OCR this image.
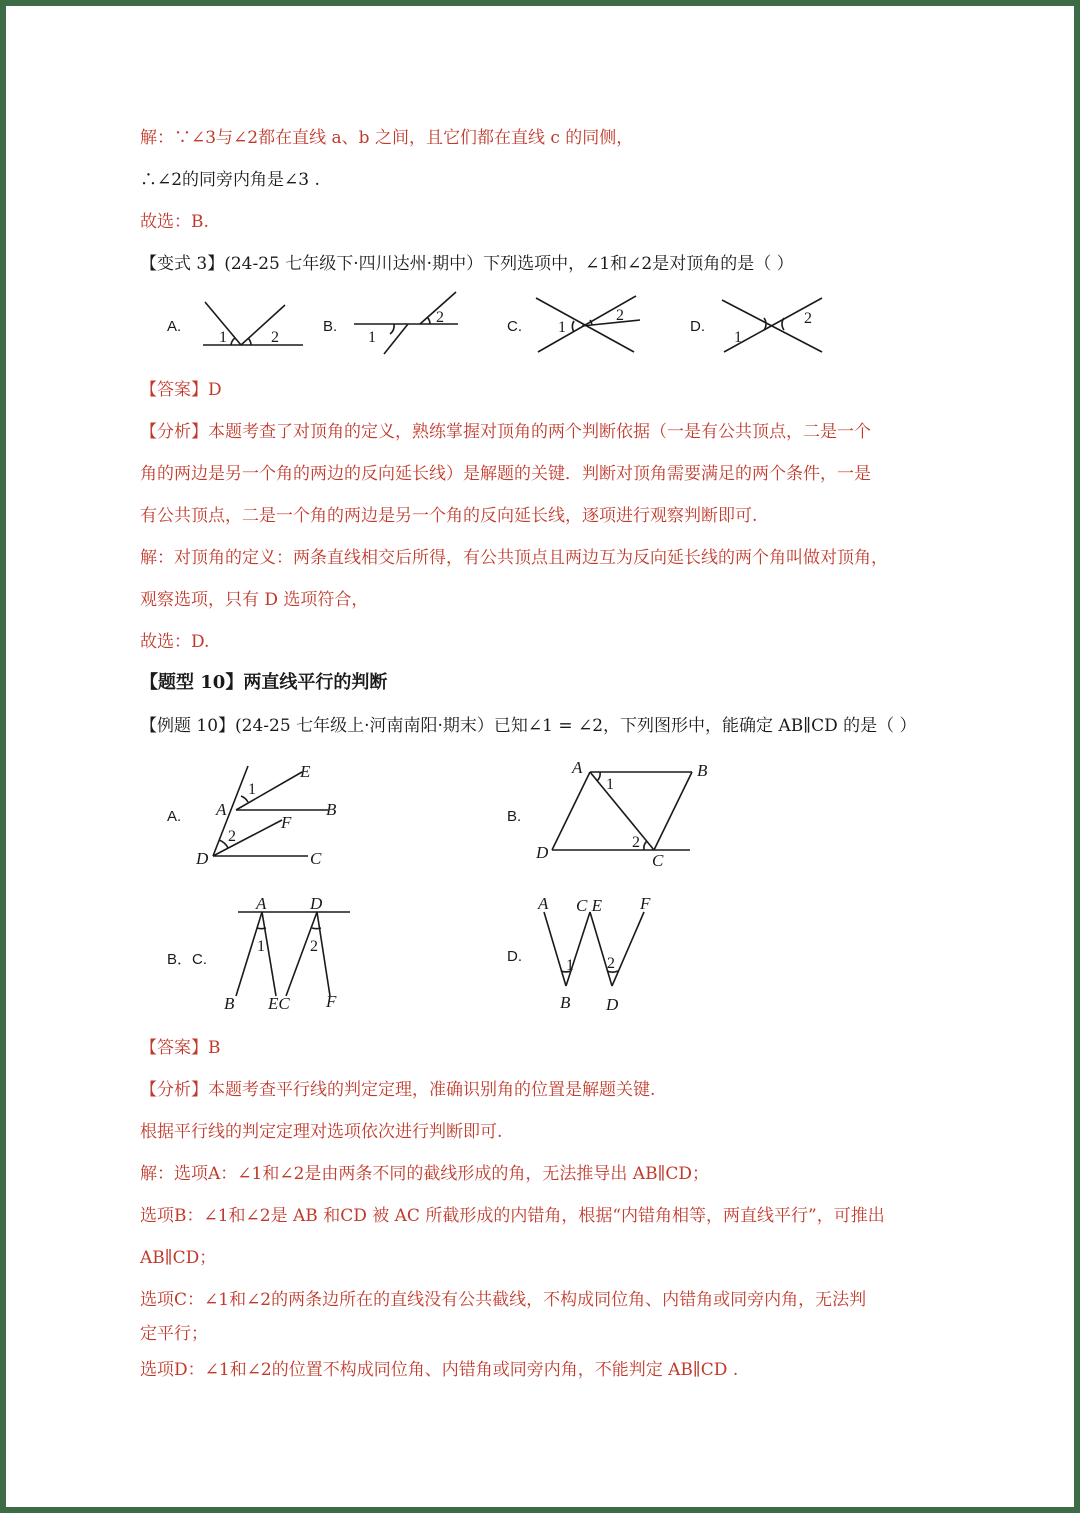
解：∵∠3与∠2都在直线 a、b 之间，且它们都在直线 c 的同侧，
∴∠2的同旁内角是∠3 .
故选：B.
【变式 3】(24-25 七年级下·四川达州·期中）下列选项中，∠1和∠2是对顶角的是（ ）
A.
1	2
B.
1
2
C. 1
2
D.
1
2
【答案】D
【分析】本题考查了对顶角的定义，熟练掌握对顶角的两个判断依据（一是有公共顶点，二是一个
角的两边是另一个角的两边的反向延长线）是解题的关键．判断对顶角需要满足的两个条件，一是
有公共顶点，二是一个角的两边是另一个角的反向延长线，逐项进行观察判断即可.
解：对顶角的定义：两条直线相交后所得，有公共顶点且两边互为反向延长线的两个角叫做对顶角，
观察选项，只有 D 选项符合，
故选：D.
【题型 10】两直线平行的判断
【例题 10】(24-25 七年级上·河南南阳·期末）已知∠1 = ∠2，下列图形中，能确定 AB∥CD 的是（ ）
A.
1
2
E
A	B
F
D	C
B.
1
2
A	B
D	C
B．C.
1	2
A	D
B EC F
D.
1 2
A C E F
B D
【答案】B
【分析】本题考查平行线的判定定理，准确识别角的位置是解题关键.
根据平行线的判定定理对选项依次进行判断即可.
解：选项A：∠1和∠2是由两条不同的截线形成的角，无法推导出 AB∥CD；
选项B：∠1和∠2是 AB 和CD 被 AC 所截形成的内错角，根据“内错角相等，两直线平行”，可推出
AB∥CD；
选项C：∠1和∠2的两条边所在的直线没有公共截线，不构成同位角、内错角或同旁内角，无法判
定平行；
选项D：∠1和∠2的位置不构成同位角、内错角或同旁内角，不能判定 AB∥CD .
